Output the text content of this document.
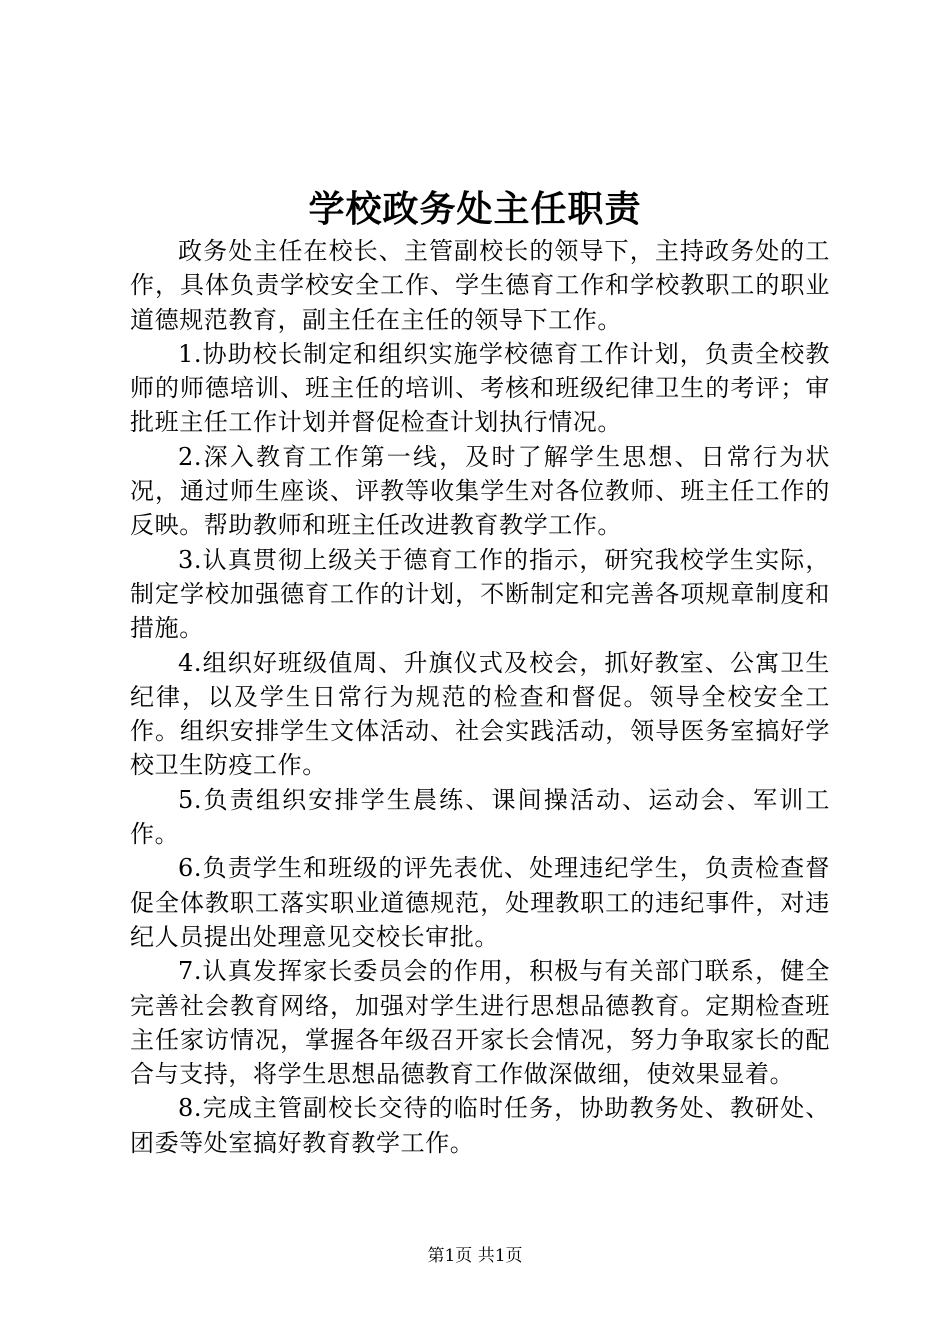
学校政务处主任职责

政务处主任在校长、主管副校长的领导下，主持政务处的工作，具体负责学校安全工作、学生德育工作和学校教职工的职业道德规范教育，副主任在主任的领导下工作。

1.协助校长制定和组织实施学校德育工作计划，负责全校教师的师德培训、班主任的培训、考核和班级纪律卫生的考评；审批班主任工作计划并督促检查计划执行情况。

2.深入教育工作第一线，及时了解学生思想、日常行为状况，通过师生座谈、评教等收集学生对各位教师、班主任工作的反映。帮助教师和班主任改进教育教学工作。

3.认真贯彻上级关于德育工作的指示，研究我校学生实际，制定学校加强德育工作的计划，不断制定和完善各项规章制度和措施。

4.组织好班级值周、升旗仪式及校会，抓好教室、公寓卫生纪律，以及学生日常行为规范的检查和督促。领导全校安全工作。组织安排学生文体活动、社会实践活动，领导医务室搞好学校卫生防疫工作。

5.负责组织安排学生晨练、课间操活动、运动会、军训工作。

6.负责学生和班级的评先表优、处理违纪学生，负责检查督促全体教职工落实职业道德规范，处理教职工的违纪事件，对违纪人员提出处理意见交校长审批。

7.认真发挥家长委员会的作用，积极与有关部门联系，健全完善社会教育网络，加强对学生进行思想品德教育。定期检查班主任家访情况，掌握各年级召开家长会情况，努力争取家长的配合与支持，将学生思想品德教育工作做深做细，使效果显着。

8.完成主管副校长交待的临时任务，协助教务处、教研处、团委等处室搞好教育教学工作。

第1页 共1页
